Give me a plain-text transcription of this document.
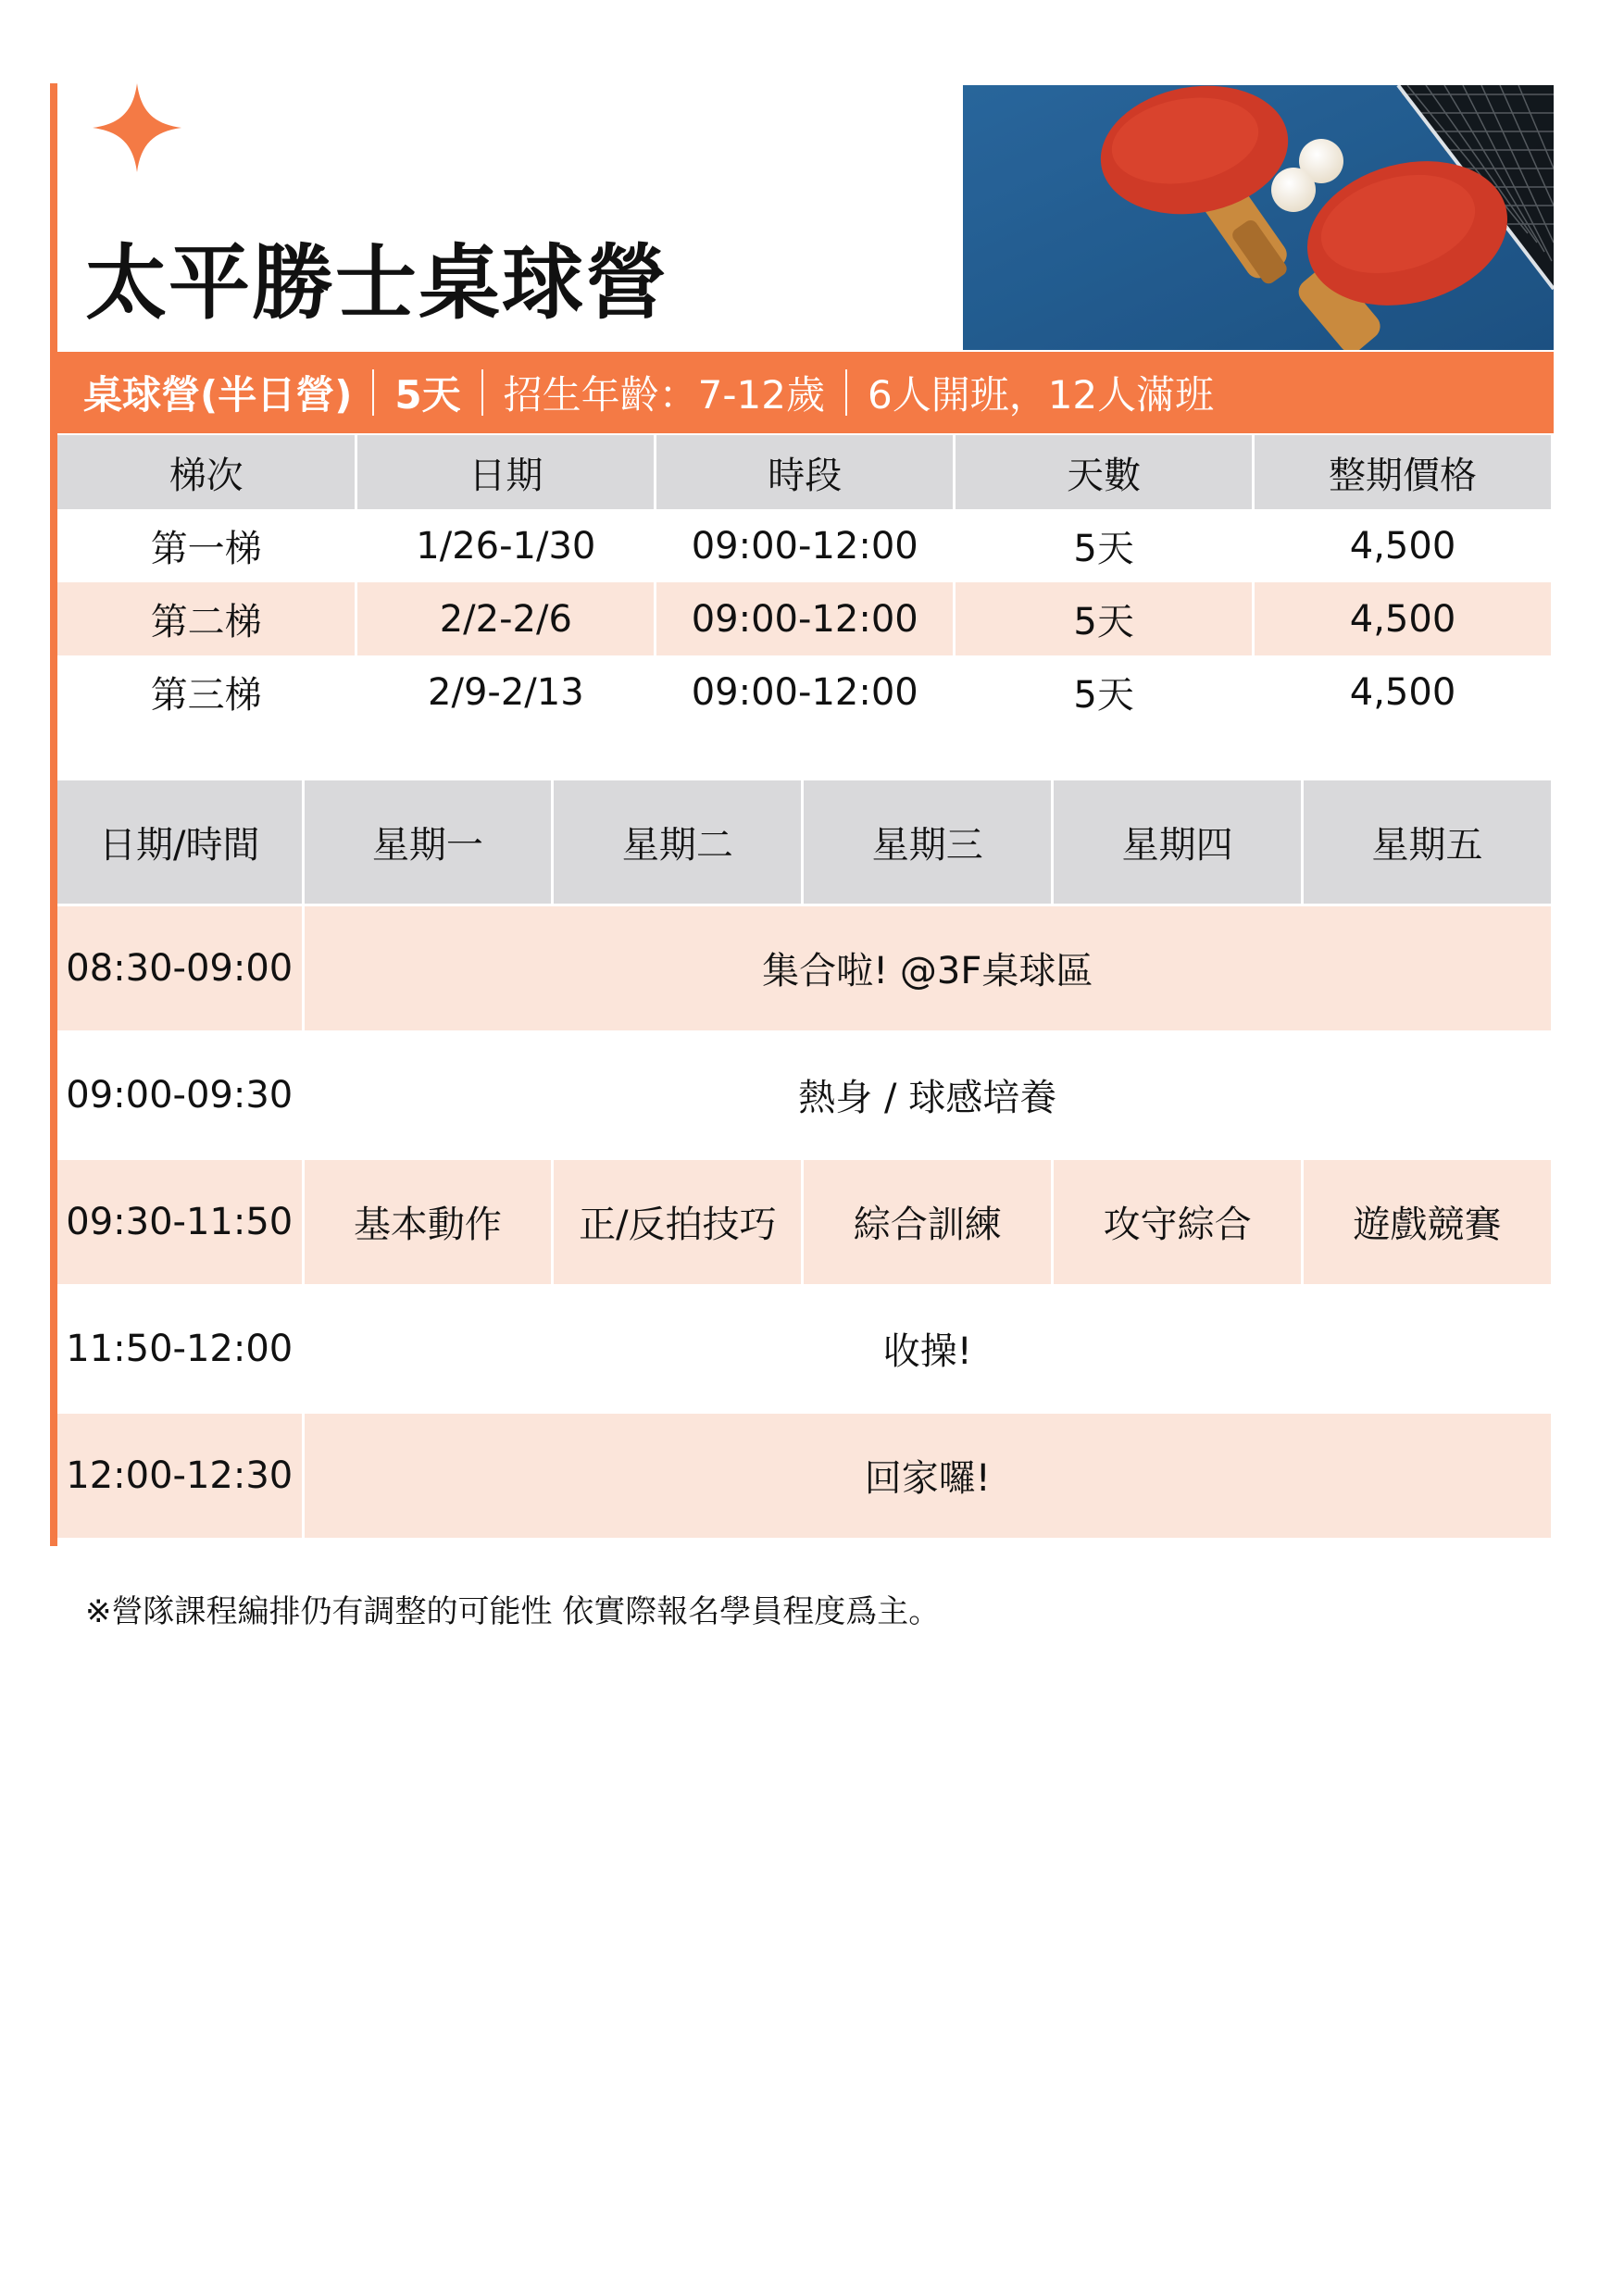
太平勝士桌球營
桌球營(半日營) 5天 招生年齡：7-12歲 6人開班，12人滿班
梯次	日期	時段	天數	整期價格
第一梯	1/26-1/30	09:00-12:00	5天	4,500
第二梯	2/2-2/6	09:00-12:00	5天	4,500
第三梯	2/9-2/13	09:00-12:00	5天	4,500
日期/時間	星期一	星期二	星期三	星期四	星期五
08:30-09:00	集合啦! @3F桌球區				
09:00-09:30	熱身 / 球感培養				
09:30-11:50	基本動作	正/反拍技巧	綜合訓練	攻守綜合	遊戲競賽
11:50-12:00	收操!				
12:00-12:30	回家囉!				
※營隊課程編排仍有調整的可能性 依實際報名學員程度爲主。
